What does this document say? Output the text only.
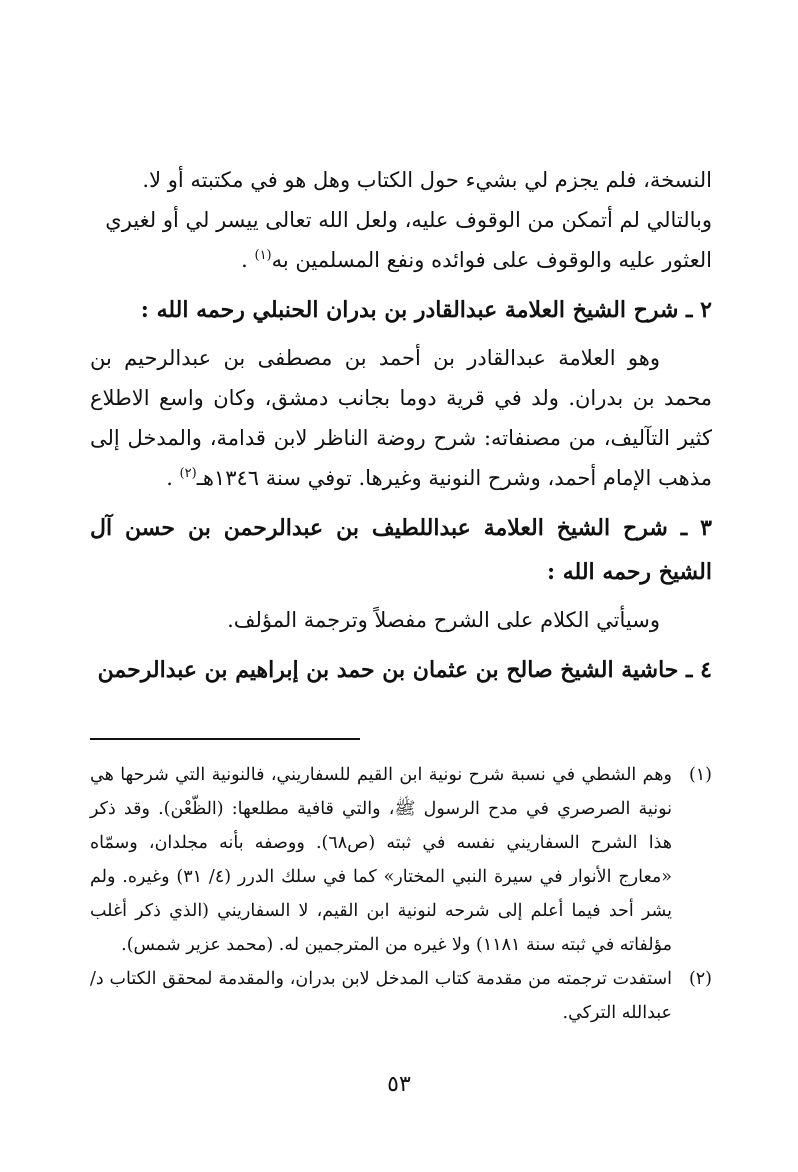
النسخة، فلم يجزم لي بشيء حول الكتاب وهل هو في مكتبته أو لا.
وبالتالي لم أتمكن من الوقوف عليه، ولعل الله تعالى ييسر لي أو لغيري
العثور عليه والوقوف على فوائده ونفع المسلمين به$^{(١)}$ .

٢ ـ شرح الشيخ العلامة عبدالقادر بن بدران الحنبلي رحمه الله :

وهو العلامة عبدالقادر بن أحمد بن مصطفى بن عبدالرحيم بن محمد بن بدران. ولد في قرية دوما بجانب دمشق، وكان واسع الاطلاع كثير التآليف، من مصنفاته: شرح روضة الناظر لابن قدامة، والمدخل إلى مذهب الإمام أحمد، وشرح النونية وغيرها. توفي سنة ١٣٤٦هـ$^{(٢)}$ .

٣ ـ شرح الشيخ العلامة عبداللطيف بن عبدالرحمن بن حسن آل الشيخ رحمه الله :

وسيأتي الكلام على الشرح مفصلاً وترجمة المؤلف.

٤ ـ حاشية الشيخ صالح بن عثمان بن حمد بن إبراهيم بن عبدالرحمن

(١)
وهم الشطي في نسبة شرح نونية ابن القيم للسفاريني، فالنونية التي شرحها هي نونية الصرصري في مدح الرسول ﷺ، والتي قافية مطلعها: (الظّعْن). وقد ذكر هذا الشرح السفاريني نفسه في ثبته (ص٦٨). ووصفه بأنه مجلدان، وسمّاه «معارج الأنوار في سيرة النبي المختار» كما في سلك الدرر (٤/ ٣١) وغيره. ولم يشر أحد فيما أعلم إلى شرحه لنونية ابن القيم، لا السفاريني (الذي ذكر أغلب مؤلفاته في ثبته سنة ١١٨١) ولا غيره من المترجمين له. (محمد عزير شمس).
(٢)
استفدت ترجمته من مقدمة كتاب المدخل لابن بدران، والمقدمة لمحقق الكتاب د/ عبدالله التركي.
٥٣
